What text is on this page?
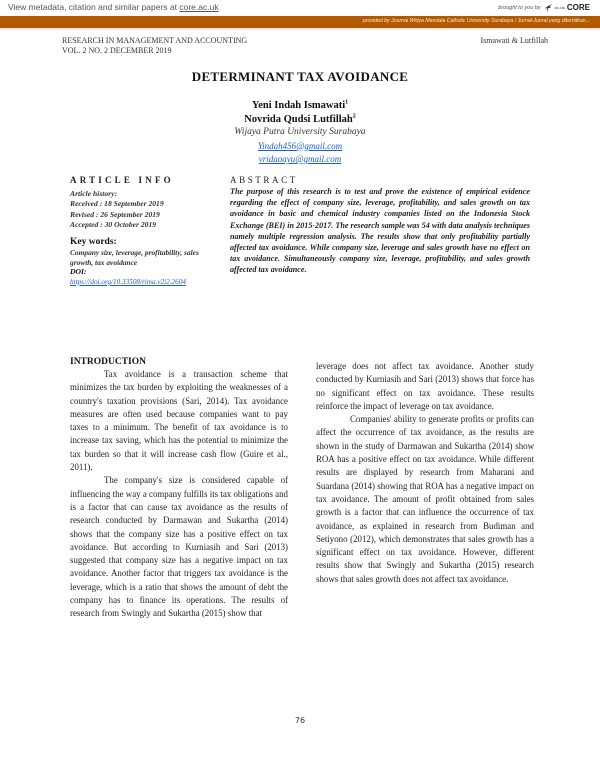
View metadata, citation and similar papers at core.ac.uk	brought to you by	ac.uk CORE
provided by Journal Widya Mandala Catholic University Surabaya / Jurnal-Jurnal yang diterbitkan...
RESEARCH IN MANAGEMENT AND ACCOUNTING
VOL. 2 NO. 2 DECEMBER 2019
Ismawati & Lutfillah
DETERMINANT TAX AVOIDANCE
Yeni Indah Ismawati$^1$
Novrida Qudsi Lutfillah$^2$
Wijaya Putra University Surabaya
Yindah456@gmail.com
vridaoayu@gmail.com
ARTICLE INFO
Article history:
Received : 18 September 2019
Revised : 26 September 2019
Accepted : 30 October 2019
Key words:
Company size, leverage, profitability, sales growth, tax avoidance
DOI:
https://doi.org/10.33508/rima.v2i2.2604
ABSTRACT
The purpose of this research is to test and prove the existence of empirical evidence regarding the effect of company size, leverage, profitability, and sales growth on tax avoidance in basic and chemical industry companies listed on the Indonesia Stock Exchange (BEI) in 2015-2017. The research sample was 54 with data analysis techniques namely multiple regression analysis. The results show that only profitability partially affected tax avoidance. While company size, leverage and sales growth have no effect on tax avoidance. Simultaneously company size, leverage, profitability, and sales growth affected tax avoidance.
INTRODUCTION

Tax avoidance is a transaction scheme that minimizes the tax burden by exploiting the weaknesses of a country's taxation provisions (Sari, 2014). Tax avoidance measures are often used because companies want to pay taxes to a minimum. The benefit of tax avoidance is to increase tax saving, which has the potential to minimize the tax burden so that it will increase cash flow (Guire et al., 2011).

The company's size is considered capable of influencing the way a company fulfills its tax obligations and is a factor that can cause tax avoidance as the results of research conducted by Darmawan and Sukartha (2014) shows that the company size has a positive effect on tax avoidance. But according to Kurniasih and Sari (2013) suggested that company size has a negative impact on tax avoidance. Another factor that triggers tax avoidance is the leverage, which is a ratio that shows the amount of debt the company has to finance its operations. The results of research from Swingly and Sukartha (2015) show that

leverage does not affect tax avoidance. Another study conducted by Kurniasih and Sari (2013) shows that force has no significant effect on tax avoidance. These results reinforce the impact of leverage on tax avoidance.

Companies' ability to generate profits or profits can affect the occurrence of tax avoidance, as the results are shown in the study of Darmawan and Sukartha (2014) show ROA has a positive effect on tax avoidance. While different results are displayed by research from Maharani and Suardana (2014) showing that ROA has a negative impact on tax avoidance. The amount of profit obtained from sales growth is a factor that can influence the occurrence of tax avoidance, as explained in research from Budiman and Setiyono (2012), which demonstrates that sales growth has a significant effect on tax avoidance. However, different results show that Swingly and Sukartha (2015) research shows that sales growth does not affect tax avoidance.

76
